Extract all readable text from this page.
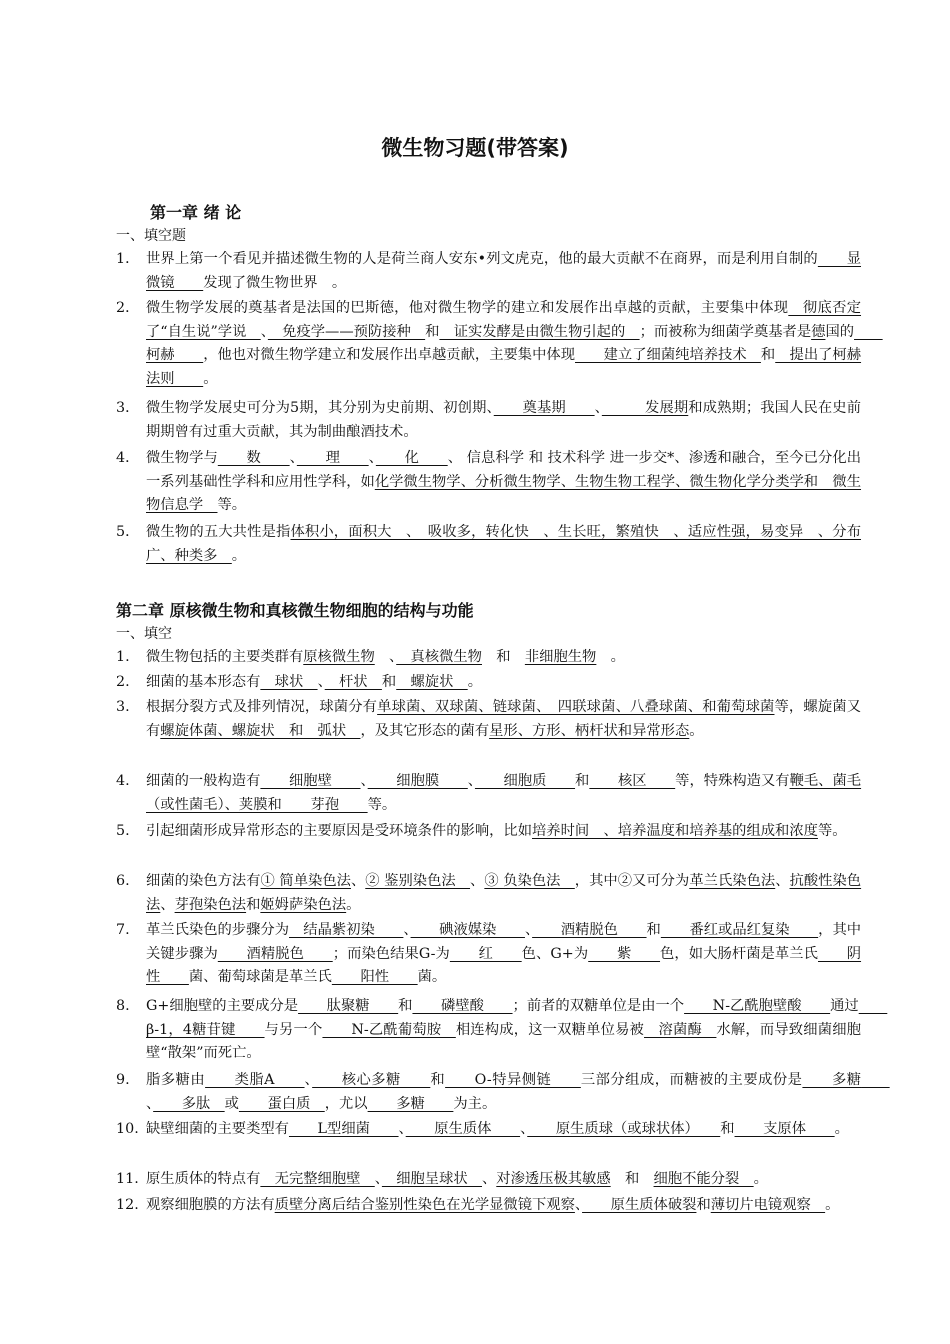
微生物习题(带答案)
第一章 绪 论
一、填空题
1． 世界上第一个看见并描述微生物的人是荷兰商人安东•列文虎克，他的最大贡献不在商界，而是利用自制的　　显微镜　　发现了微生物世界　。
2． 微生物学发展的奠基者是法国的巴斯德，他对微生物学的建立和发展作出卓越的贡献，主要集中体现　彻底否定了“自生说”学说　、　免疫学——预防接种　和　证实发酵是由微生物引起的　；而被称为细菌学奠基者是德国的　　柯赫　　，他也对微生物学建立和发展作出卓越贡献，主要集中体现　　建立了细菌纯培养技术　和　提出了柯赫法则　　。
3． 微生物学发展史可分为5期，其分别为史前期、初创期、　　奠基期　　、　　　发展期和成熟期；我国人民在史前期期曾有过重大贡献，其为制曲酿酒技术。
4． 微生物学与　　数　　、　　理　　、　　化　　、 信息科学 和 技术科学 进一步交*、渗透和融合，至今已分化出一系列基础性学科和应用性学科，如化学微生物学、分析微生物学、生物生物工程学、微生物化学分类学和　微生物信息学　等。
5． 微生物的五大共性是指体积小，面积大　、　吸收多，转化快　、生长旺，繁殖快　、适应性强，易变异　、分布广、种类多　。
第二章 原核微生物和真核微生物细胞的结构与功能
一、填空
1.	微生物包括的主要类群有原核微生物　、　真核微生物　和　非细胞生物　。
2.	细菌的基本形态有　球状　、　杆状　和　螺旋状　。
3.	根据分裂方式及排列情况，球菌分有单球菌、双球菌、链球菌、　四联球菌、八叠球菌、和葡萄球菌等，螺旋菌又有螺旋体菌、螺旋状　和　弧状　，及其它形态的菌有星形、方形、柄杆状和异常形态。
4.	细菌的一般构造有　　细胞壁　　、　　细胞膜　　、　　细胞质　　和　　核区　　等，特殊构造又有鞭毛、菌毛（或性菌毛）、荚膜和　　芽孢　　等。
5.	引起细菌形成异常形态的主要原因是受环境条件的影响，比如培养时间　、培养温度和培养基的组成和浓度等。
6.	细菌的染色方法有① 简单染色法、② 鉴别染色法　、③ 负染色法　，其中②又可分为革兰氏染色法、抗酸性染色法、芽孢染色法和姬姆萨染色法。
7.	革兰氏染色的步骤分为　结晶紫初染　　、　　碘液媒染　　、　　酒精脱色　　和　　番红或品红复染　　，其中关键步骤为　　酒精脱色　　；而染色结果G-为　　红　　色、G+为　　紫　　色，如大肠杆菌是革兰氏　　阴性　　菌、葡萄球菌是革兰氏　　阳性　　菌。
8.	G+细胞壁的主要成分是　　肽聚糖　　和　　磷壁酸　　；前者的双糖单位是由一个　　N-乙酰胞壁酸　　通过　　β-1，4糖苷键　　与另一个　　N-乙酰葡萄胺　相连构成，这一双糖单位易被　溶菌酶　水解，而导致细菌细胞壁“散架”而死亡。
9.	脂多糖由　　类脂A　　、　　核心多糖　　和　　O-特异侧链　　三部分组成，而糖被的主要成份是　　多糖　　、　　多肽　或　　蛋白质　，尤以　　多糖　　为主。
10. 缺壁细菌的主要类型有　　L型细菌　　、　　原生质体　　、　　原生质球（或球状体）　　和　　支原体　　。
11. 原生质体的特点有　无完整细胞壁　、　细胞呈球状　、对渗透压极其敏感　和　细胞不能分裂　。
12. 观察细胞膜的方法有质壁分离后结合鉴别性染色在光学显微镜下观察、　　原生质体破裂和薄切片电镜观察　。
